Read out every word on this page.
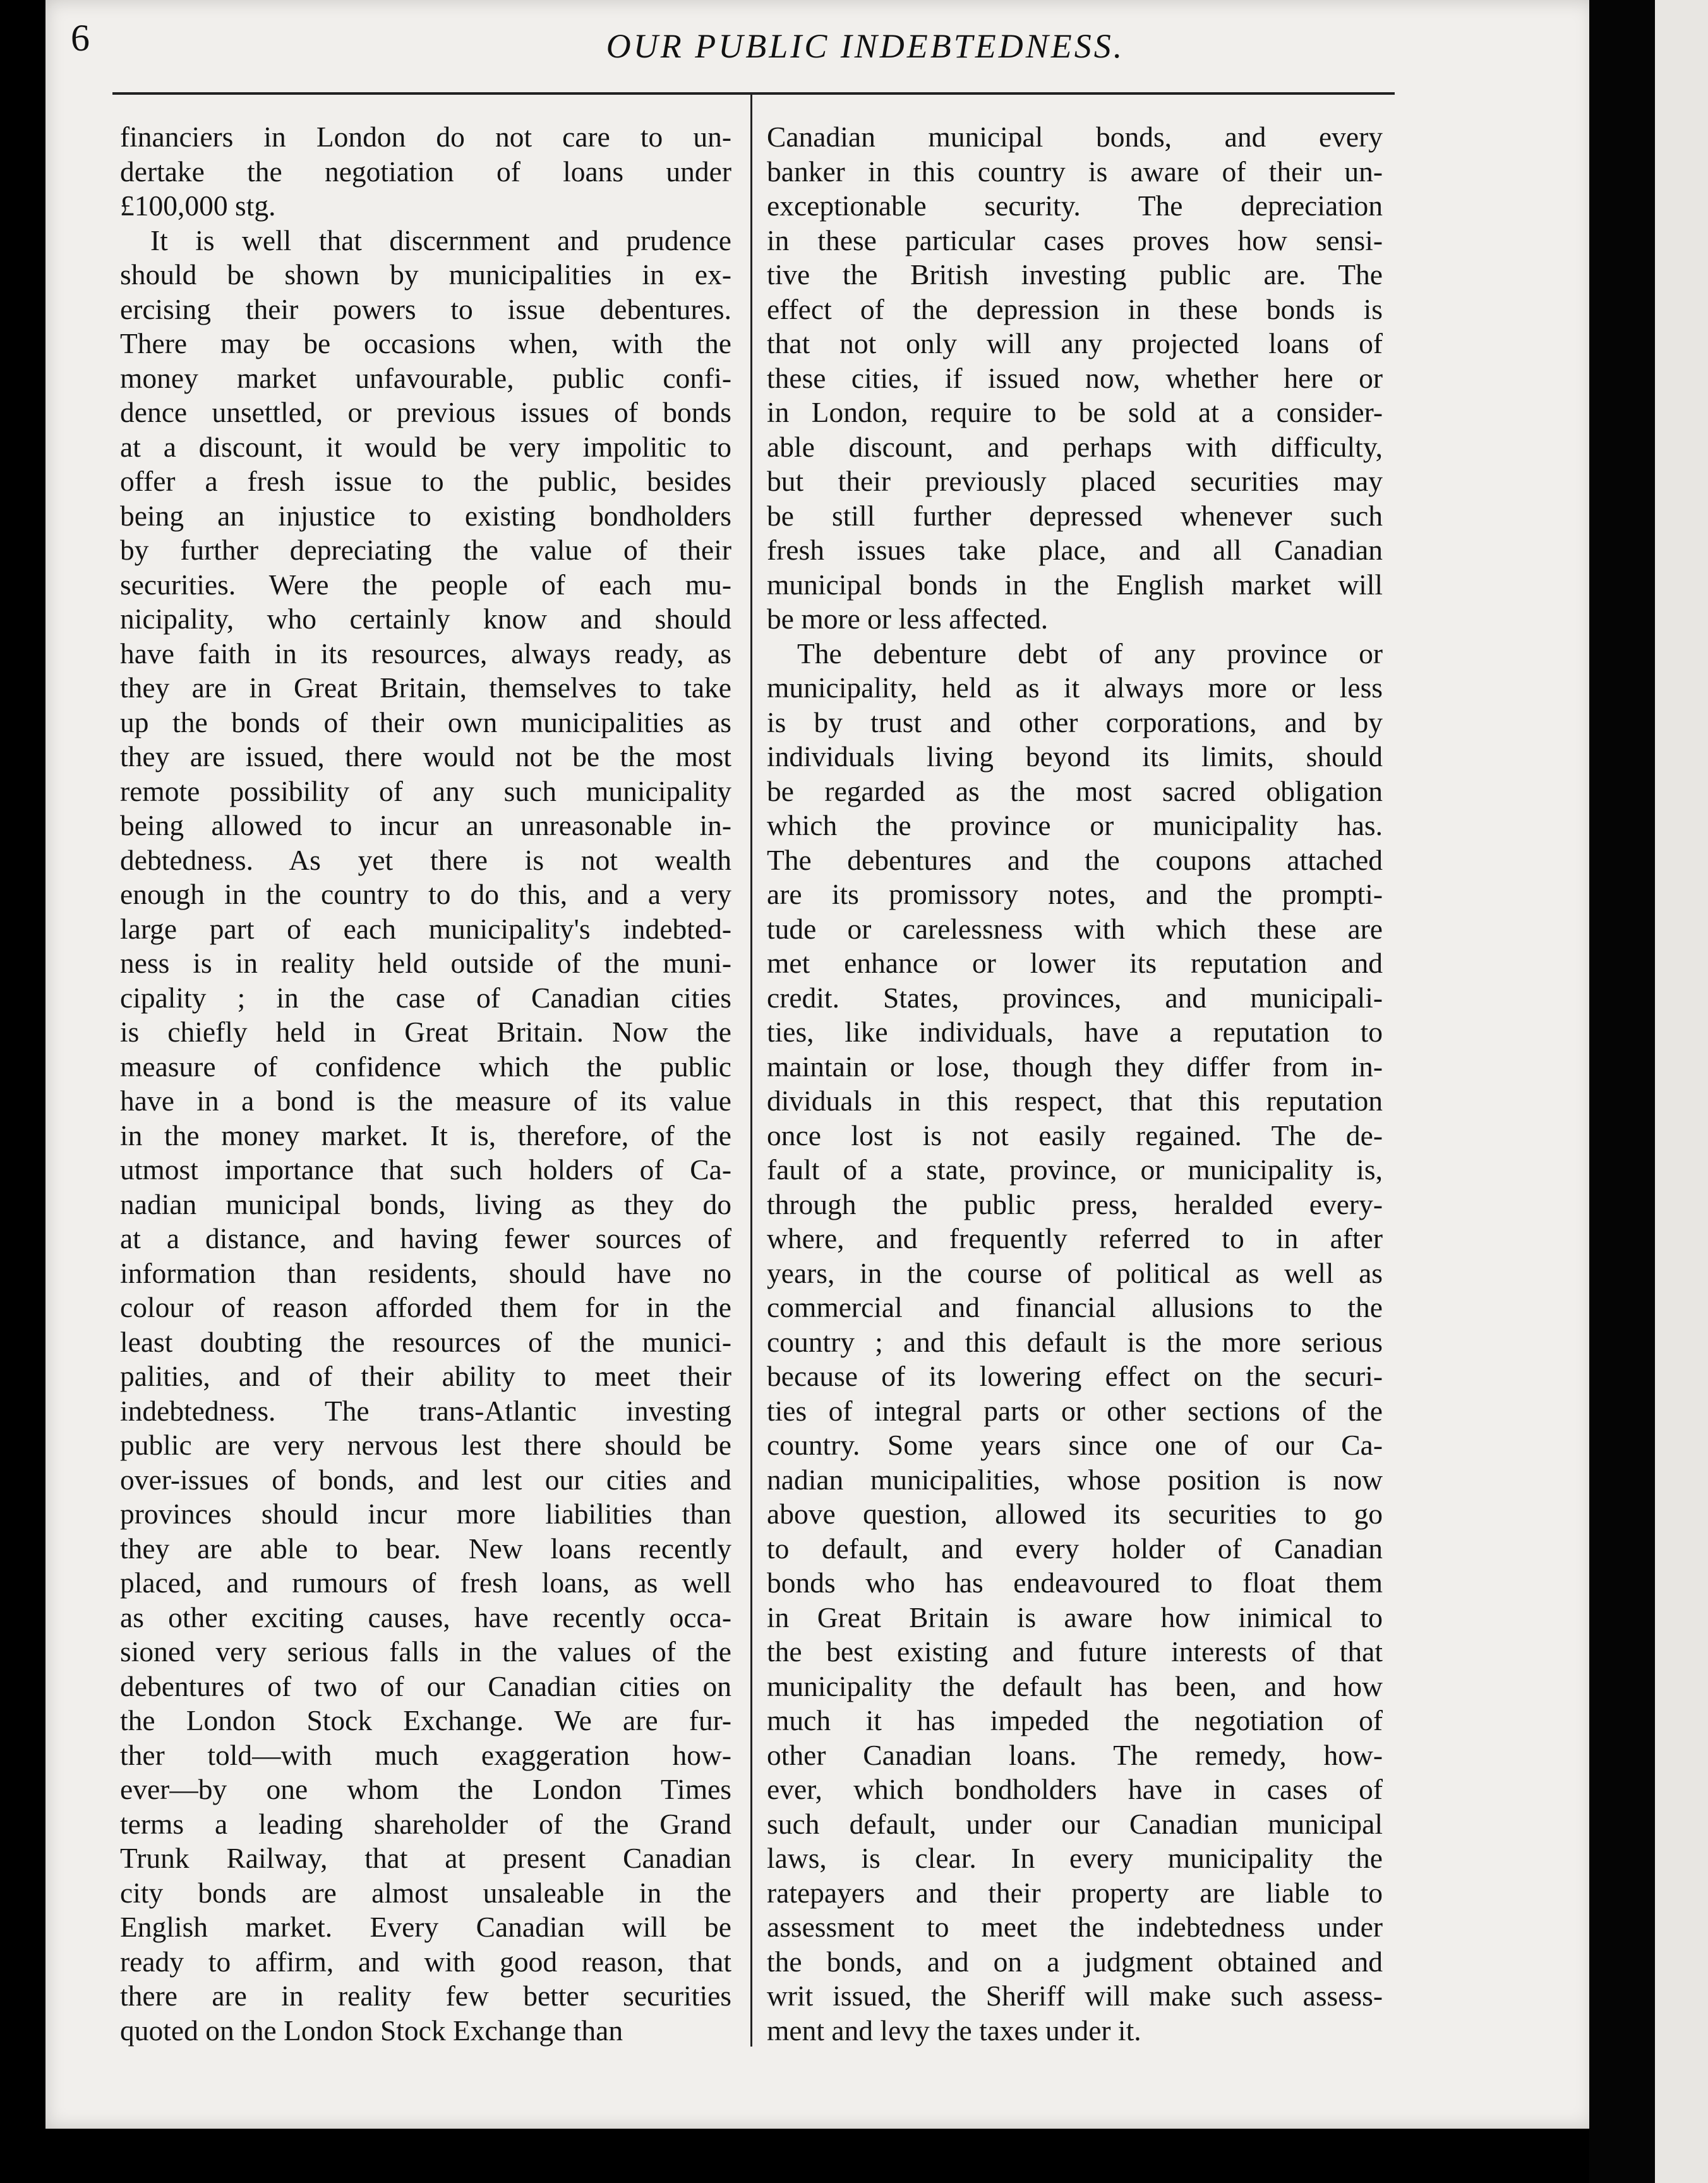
6	OUR PUBLIC INDEBTEDNESS.
financiers in London do not care to un-
dertake the negotiation of loans under
£100,000 stg.
It is well that discernment and prudence
should be shown by municipalities in ex-
ercising their powers to issue debentures.
There may be occasions when, with the
money market unfavourable, public confi-
dence unsettled, or previous issues of bonds
at a discount, it would be very impolitic to
offer a fresh issue to the public, besides
being an injustice to existing bondholders
by further depreciating the value of their
securities. Were the people of each mu-
nicipality, who certainly know and should
have faith in its resources, always ready, as
they are in Great Britain, themselves to take
up the bonds of their own municipalities as
they are issued, there would not be the most
remote possibility of any such municipality
being allowed to incur an unreasonable in-
debtedness. As yet there is not wealth
enough in the country to do this, and a very
large part of each municipality's indebted-
ness is in reality held outside of the muni-
cipality ; in the case of Canadian cities
is chiefly held in Great Britain. Now the
measure of confidence which the public
have in a bond is the measure of its value
in the money market. It is, therefore, of the
utmost importance that such holders of Ca-
nadian municipal bonds, living as they do
at a distance, and having fewer sources of
information than residents, should have no
colour of reason afforded them for in the
least doubting the resources of the munici-
palities, and of their ability to meet their
indebtedness. The trans-Atlantic investing
public are very nervous lest there should be
over-issues of bonds, and lest our cities and
provinces should incur more liabilities than
they are able to bear. New loans recently
placed, and rumours of fresh loans, as well
as other exciting causes, have recently occa-
sioned very serious falls in the values of the
debentures of two of our Canadian cities on
the London Stock Exchange. We are fur-
ther told—with much exaggeration how-
ever—by one whom the London Times
terms a leading shareholder of the Grand
Trunk Railway, that at present Canadian
city bonds are almost unsaleable in the
English market. Every Canadian will be
ready to affirm, and with good reason, that
there are in reality few better securities
quoted on the London Stock Exchange than
Canadian municipal bonds, and every
banker in this country is aware of their un-
exceptionable security. The depreciation
in these particular cases proves how sensi-
tive the British investing public are. The
effect of the depression in these bonds is
that not only will any projected loans of
these cities, if issued now, whether here or
in London, require to be sold at a consider-
able discount, and perhaps with difficulty,
but their previously placed securities may
be still further depressed whenever such
fresh issues take place, and all Canadian
municipal bonds in the English market will
be more or less affected.
The debenture debt of any province or
municipality, held as it always more or less
is by trust and other corporations, and by
individuals living beyond its limits, should
be regarded as the most sacred obligation
which the province or municipality has.
The debentures and the coupons attached
are its promissory notes, and the prompti-
tude or carelessness with which these are
met enhance or lower its reputation and
credit. States, provinces, and municipali-
ties, like individuals, have a reputation to
maintain or lose, though they differ from in-
dividuals in this respect, that this reputation
once lost is not easily regained. The de-
fault of a state, province, or municipality is,
through the public press, heralded every-
where, and frequently referred to in after
years, in the course of political as well as
commercial and financial allusions to the
country ; and this default is the more serious
because of its lowering effect on the securi-
ties of integral parts or other sections of the
country. Some years since one of our Ca-
nadian municipalities, whose position is now
above question, allowed its securities to go
to default, and every holder of Canadian
bonds who has endeavoured to float them
in Great Britain is aware how inimical to
the best existing and future interests of that
municipality the default has been, and how
much it has impeded the negotiation of
other Canadian loans. The remedy, how-
ever, which bondholders have in cases of
such default, under our Canadian municipal
laws, is clear. In every municipality the
ratepayers and their property are liable to
assessment to meet the indebtedness under
the bonds, and on a judgment obtained and
writ issued, the Sheriff will make such assess-
ment and levy the taxes under it.
